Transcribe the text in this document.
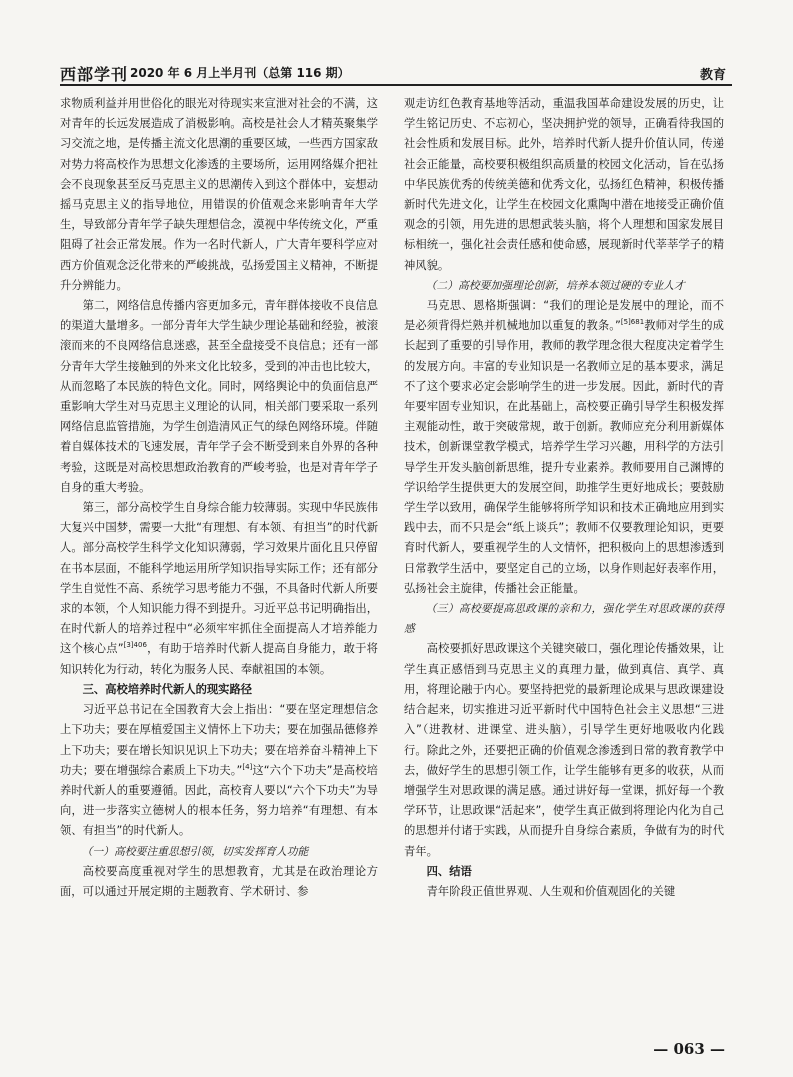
西部学刊 2020 年 6 月上半月刊（总第 116 期）	教育

求物质利益并用世俗化的眼光对待现实来宣泄对社会的不满，这对青年的长远发展造成了消极影响。高校是社会人才精英聚集学习交流之地，是传播主流文化思潮的重要区域，一些西方国家敌对势力将高校作为思想文化渗透的主要场所，运用网络媒介把社会不良现象甚至反马克思主义的思潮传入到这个群体中，妄想动摇马克思主义的指导地位，用错误的价值观念来影响青年大学生，导致部分青年学子缺失理想信念，漠视中华传统文化，严重阻碍了社会正常发展。作为一名时代新人，广大青年要科学应对西方价值观念泛化带来的严峻挑战，弘扬爱国主义精神，不断提升分辨能力。

第二，网络信息传播内容更加多元，青年群体接收不良信息的渠道大量增多。一部分青年大学生缺少理论基础和经验，被滚滚而来的不良网络信息迷惑，甚至全盘接受不良信息；还有一部分青年大学生接触到的外来文化比较多，受到的冲击也比较大，从而忽略了本民族的特色文化。同时，网络舆论中的负面信息严重影响大学生对马克思主义理论的认同，相关部门要采取一系列网络信息监管措施，为学生创造清风正气的绿色网络环境。伴随着自媒体技术的飞速发展，青年学子会不断受到来自外界的各种考验，这既是对高校思想政治教育的严峻考验，也是对青年学子自身的重大考验。

第三，部分高校学生自身综合能力较薄弱。实现中华民族伟大复兴中国梦，需要一大批“有理想、有本领、有担当”的时代新人。部分高校学生科学文化知识薄弱，学习效果片面化且只停留在书本层面，不能科学地运用所学知识指导实际工作；还有部分学生自觉性不高、系统学习思考能力不强，不具备时代新人所要求的本领，个人知识能力得不到提升。习近平总书记明确指出，在时代新人的培养过程中“必须牢牢抓住全面提高人才培养能力这个核心点”$^{[3]406}$，有助于培养时代新人提高自身能力，敢于将知识转化为行动，转化为服务人民、奉献祖国的本领。

三、高校培养时代新人的现实路径

习近平总书记在全国教育大会上指出：“要在坚定理想信念上下功夫；要在厚植爱国主义情怀上下功夫；要在加强品德修养上下功夫；要在增长知识见识上下功夫；要在培养奋斗精神上下功夫；要在增强综合素质上下功夫。”[4]这“六个下功夫”是高校培养时代新人的重要遵循。因此，高校育人要以“六个下功夫”为导向，进一步落实立德树人的根本任务，努力培养“有理想、有本领、有担当”的时代新人。

（一）高校要注重思想引领，切实发挥育人功能

高校要高度重视对学生的思想教育，尤其是在政治理论方面，可以通过开展定期的主题教育、学术研讨、参

观走访红色教育基地等活动，重温我国革命建设发展的历史，让学生铭记历史、不忘初心，坚决拥护党的领导，正确看待我国的社会性质和发展目标。此外，培养时代新人提升价值认同，传递社会正能量，高校要积极组织高质量的校园文化活动，旨在弘扬中华民族优秀的传统美德和优秀文化，弘扬红色精神，积极传播新时代先进文化，让学生在校园文化熏陶中潜在地接受正确价值观念的引领，用先进的思想武装头脑，将个人理想和国家发展目标相统一，强化社会责任感和使命感，展现新时代莘莘学子的精神风貌。

（二）高校要加强理论创新，培养本领过硬的专业人才

马克思、恩格斯强调：“我们的理论是发展中的理论，而不是必须背得烂熟并机械地加以重复的教条。”$^{[5]681}$教师对学生的成长起到了重要的引导作用，教师的教学理念很大程度决定着学生的发展方向。丰富的专业知识是一名教师立足的基本要求，满足不了这个要求必定会影响学生的进一步发展。因此，新时代的青年要牢固专业知识，在此基础上，高校要正确引导学生积极发挥主观能动性，敢于突破常规，敢于创新。教师应充分利用新媒体技术，创新课堂教学模式，培养学生学习兴趣，用科学的方法引导学生开发头脑创新思维，提升专业素养。教师要用自己渊博的学识给学生提供更大的发展空间，助推学生更好地成长；要鼓励学生学以致用，确保学生能够将所学知识和技术正确地应用到实践中去，而不只是会“纸上谈兵”；教师不仅要教理论知识，更要育时代新人，要重视学生的人文情怀，把积极向上的思想渗透到日常教学生活中，要坚定自己的立场，以身作则起好表率作用，弘扬社会主旋律，传播社会正能量。

（三）高校要提高思政课的亲和力，强化学生对思政课的获得感

高校要抓好思政课这个关键突破口，强化理论传播效果，让学生真正感悟到马克思主义的真理力量，做到真信、真学、真用，将理论融于内心。要坚持把党的最新理论成果与思政课建设结合起来，切实推进习近平新时代中国特色社会主义思想“三进入”（进教材、进课堂、进头脑），引导学生更好地吸收内化践行。除此之外，还要把正确的价值观念渗透到日常的教育教学中去，做好学生的思想引领工作，让学生能够有更多的收获，从而增强学生对思政课的满足感。通过讲好每一堂课，抓好每一个教学环节，让思政课“活起来”，使学生真正做到将理论内化为自己的思想并付诸于实践，从而提升自身综合素质，争做有为的时代青年。

四、结语

青年阶段正值世界观、人生观和价值观固化的关键

— 063 —
